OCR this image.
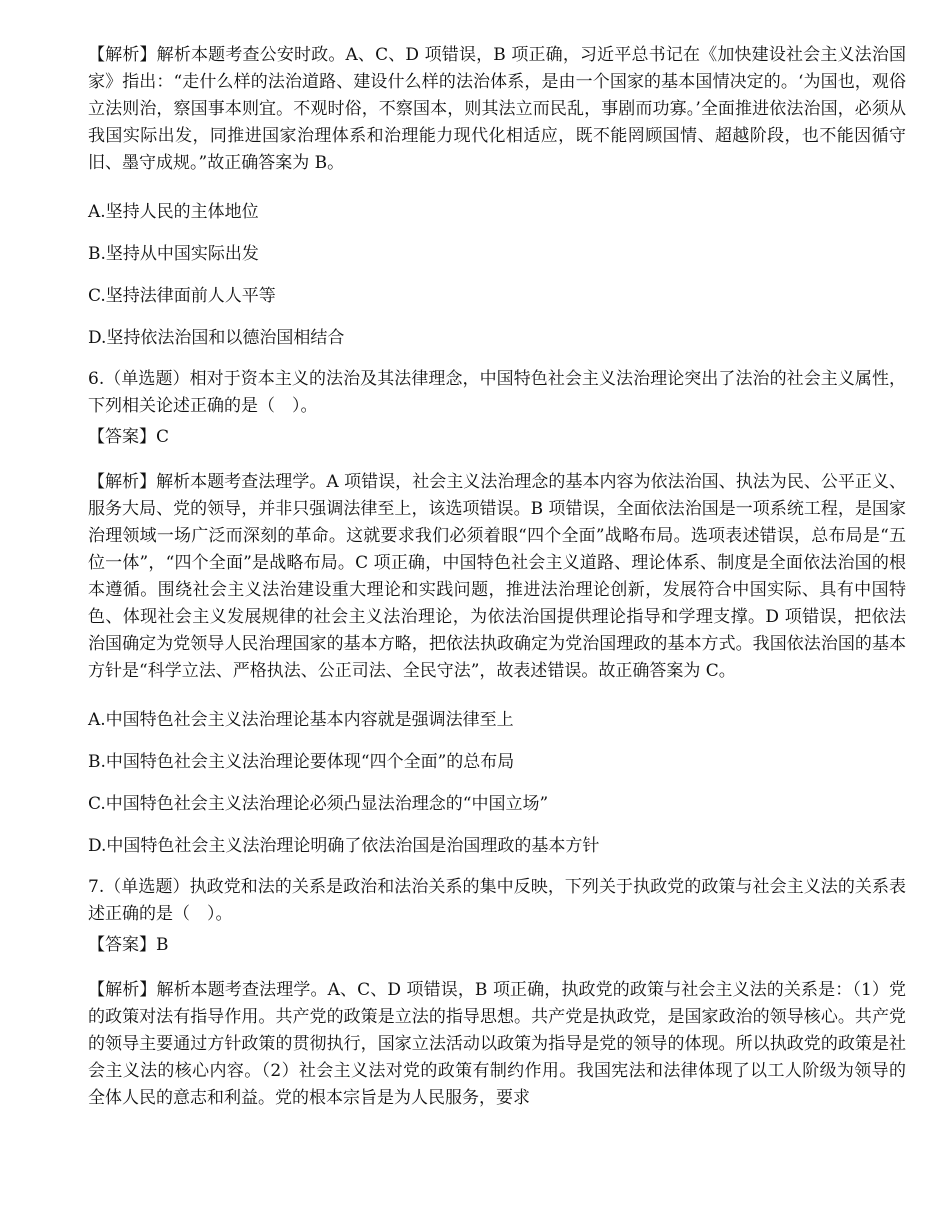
【解析】解析本题考查公安时政。A、C、D 项错误，B 项正确，习近平总书记在《加快建设社会主义法治国家》指出：“走什么样的法治道路、建设什么样的法治体系，是由一个国家的基本国情决定的。‘为国也，观俗立法则治，察国事本则宜。不观时俗，不察国本，则其法立而民乱，事剧而功寡。’全面推进依法治国，必须从我国实际出发，同推进国家治理体系和治理能力现代化相适应，既不能罔顾国情、超越阶段，也不能因循守旧、墨守成规。”故正确答案为 B。

A.坚持人民的主体地位

B.坚持从中国实际出发

C.坚持法律面前人人平等

D.坚持依法治国和以德治国相结合

6.（单选题）相对于资本主义的法治及其法律理念，中国特色社会主义法治理论突出了法治的社会主义属性，下列相关论述正确的是（　）。

【答案】C

【解析】解析本题考查法理学。A 项错误，社会主义法治理念的基本内容为依法治国、执法为民、公平正义、服务大局、党的领导，并非只强调法律至上，该选项错误。B 项错误，全面依法治国是一项系统工程，是国家治理领域一场广泛而深刻的革命。这就要求我们必须着眼“四个全面”战略布局。选项表述错误，总布局是“五位一体”，“四个全面”是战略布局。C 项正确，中国特色社会主义道路、理论体系、制度是全面依法治国的根本遵循。围绕社会主义法治建设重大理论和实践问题，推进法治理论创新，发展符合中国实际、具有中国特色、体现社会主义发展规律的社会主义法治理论，为依法治国提供理论指导和学理支撑。D 项错误，把依法治国确定为党领导人民治理国家的基本方略，把依法执政确定为党治国理政的基本方式。我国依法治国的基本方针是“科学立法、严格执法、公正司法、全民守法”，故表述错误。故正确答案为 C。

A.中国特色社会主义法治理论基本内容就是强调法律至上

B.中国特色社会主义法治理论要体现“四个全面”的总布局

C.中国特色社会主义法治理论必须凸显法治理念的“中国立场”

D.中国特色社会主义法治理论明确了依法治国是治国理政的基本方针

7.（单选题）执政党和法的关系是政治和法治关系的集中反映，下列关于执政党的政策与社会主义法的关系表述正确的是（　）。

【答案】B

【解析】解析本题考查法理学。A、C、D 项错误，B 项正确，执政党的政策与社会主义法的关系是：（1）党的政策对法有指导作用。共产党的政策是立法的指导思想。共产党是执政党，是国家政治的领导核心。共产党的领导主要通过方针政策的贯彻执行，国家立法活动以政策为指导是党的领导的体现。所以执政党的政策是社会主义法的核心内容。（2）社会主义法对党的政策有制约作用。我国宪法和法律体现了以工人阶级为领导的全体人民的意志和利益。党的根本宗旨是为人民服务，要求
